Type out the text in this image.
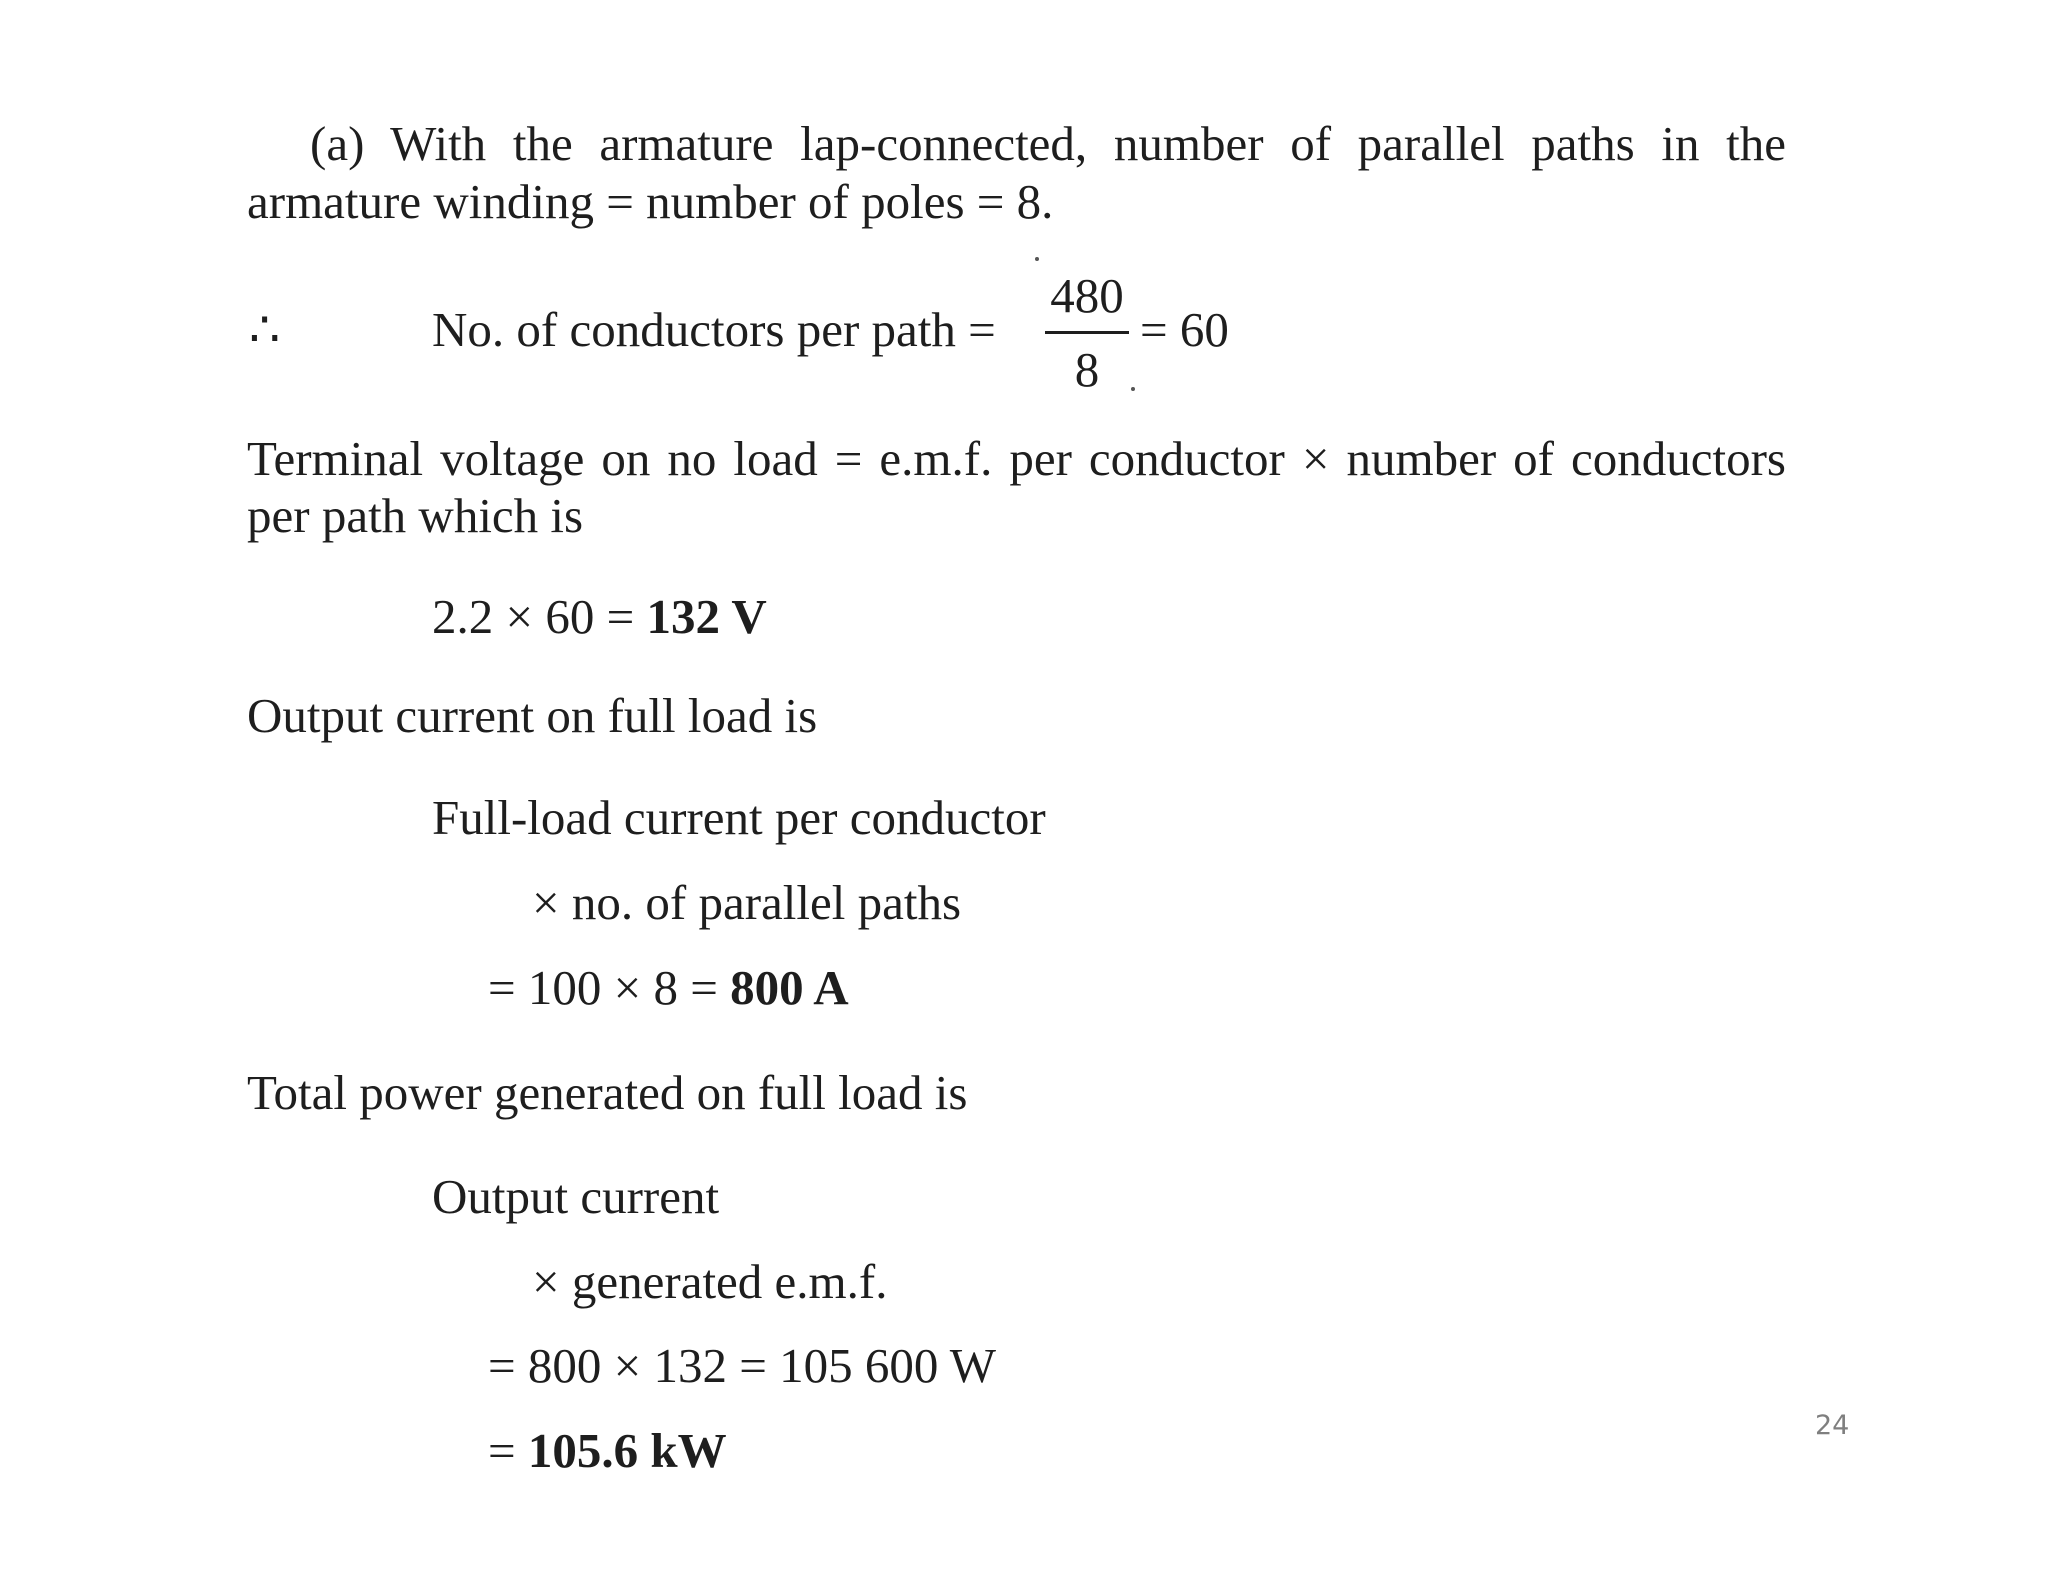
(a) With the armature lap-connected, number of parallel paths in the
armature winding = number of poles = 8.
∴	No. of conductors per path =
480
8
= 60
Terminal voltage on no load = e.m.f. per conductor × number of conductors
per path which is
2.2 × 60 = 132 V
Output current on full load is
Full-load current per conductor
× no. of parallel paths
= 100 × 8 = 800 A
Total power generated on full load is
Output current
× generated e.m.f.
= 800 × 132 = 105 600 W
= 105.6 kW	24
